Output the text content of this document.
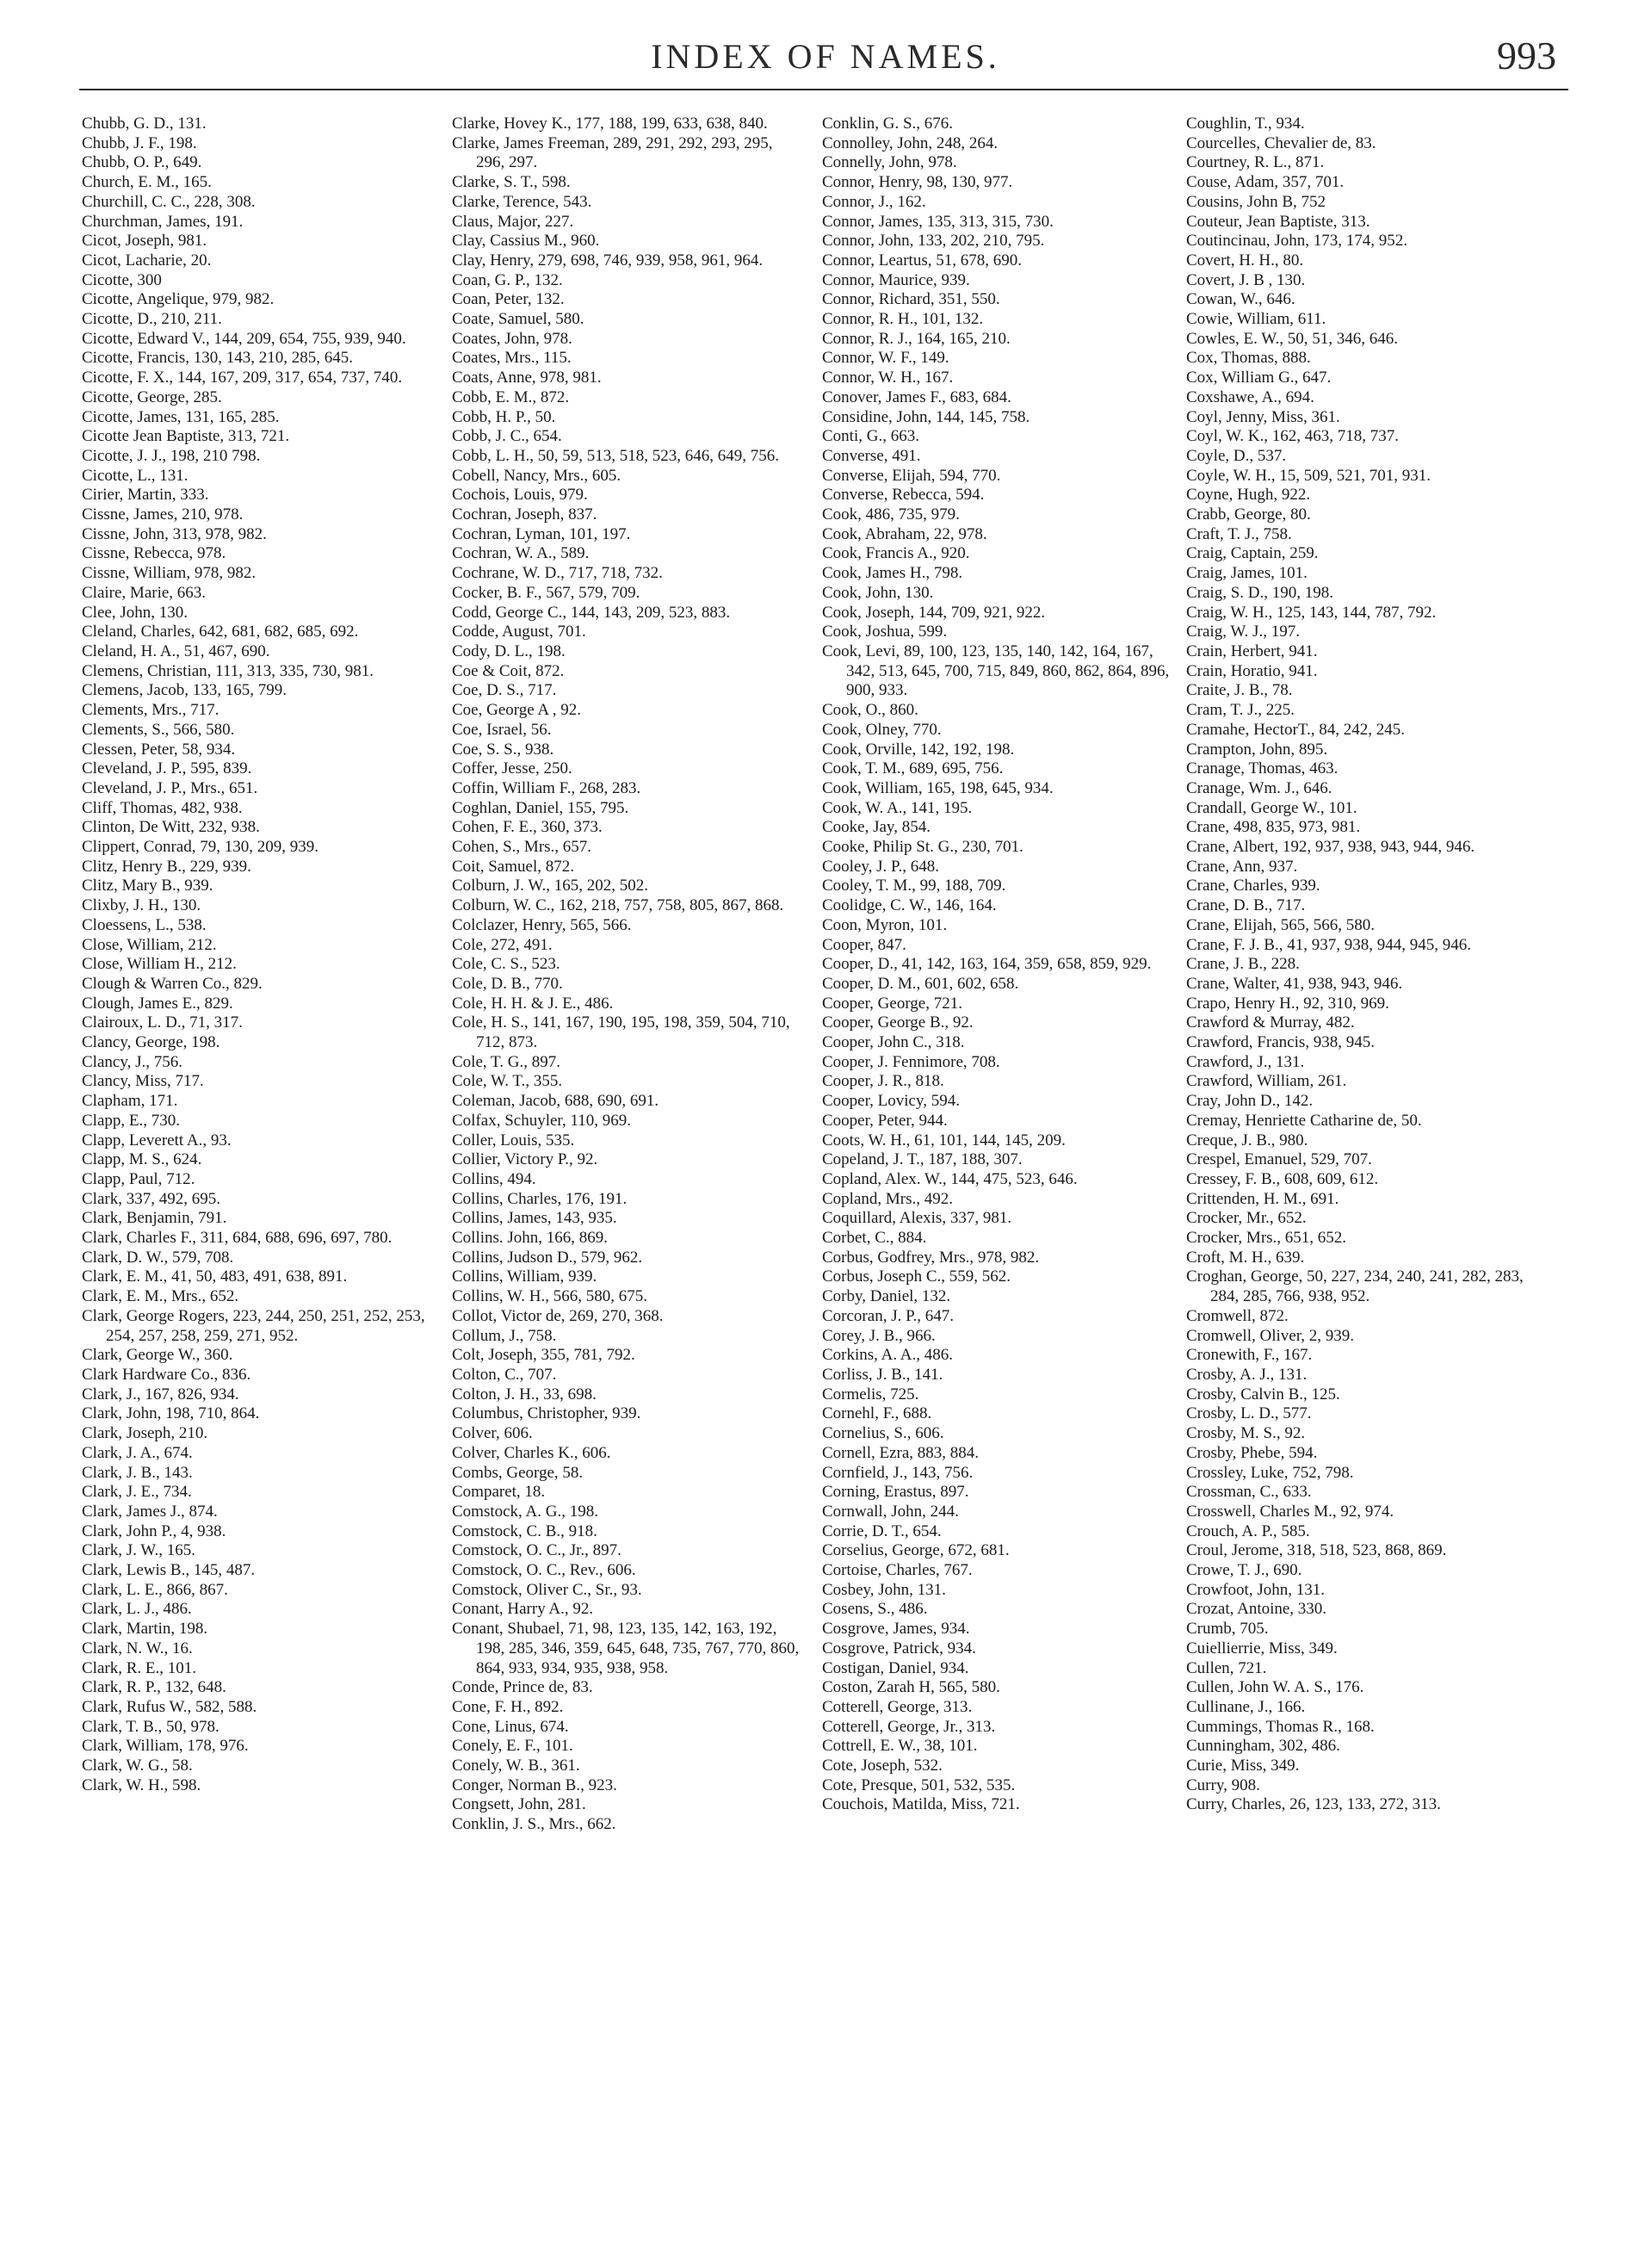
INDEX OF NAMES.	993
Chubb, G. D., 131.
Chubb, J. F., 198.
Chubb, O. P., 649.
Church, E. M., 165.
Churchill, C. C., 228, 308.
Churchman, James, 191.
Cicot, Joseph, 981.
Cicot, Lacharie, 20.
Cicotte, 300
Cicotte, Angelique, 979, 982.
Cicotte, D., 210, 211.
Cicotte, Edward V., 144, 209, 654, 755, 939, 940.
Cicotte, Francis, 130, 143, 210, 285, 645.
Cicotte, F. X., 144, 167, 209, 317, 654, 737, 740.
Cicotte, George, 285.
Cicotte, James, 131, 165, 285.
Cicotte Jean Baptiste, 313, 721.
Cicotte, J. J., 198, 210 798.
Cicotte, L., 131.
Cirier, Martin, 333.
Cissne, James, 210, 978.
Cissne, John, 313, 978, 982.
Cissne, Rebecca, 978.
Cissne, William, 978, 982.
Claire, Marie, 663.
Clee, John, 130.
Cleland, Charles, 642, 681, 682, 685, 692.
Cleland, H. A., 51, 467, 690.
Clemens, Christian, 111, 313, 335, 730, 981.
Clemens, Jacob, 133, 165, 799.
Clements, Mrs., 717.
Clements, S., 566, 580.
Clessen, Peter, 58, 934.
Cleveland, J. P., 595, 839.
Cleveland, J. P., Mrs., 651.
Cliff, Thomas, 482, 938.
Clinton, De Witt, 232, 938.
Clippert, Conrad, 79, 130, 209, 939.
Clitz, Henry B., 229, 939.
Clitz, Mary B., 939.
Clixby, J. H., 130.
Cloessens, L., 538.
Close, William, 212.
Close, William H., 212.
Clough & Warren Co., 829.
Clough, James E., 829.
Clairoux, L. D., 71, 317.
Clancy, George, 198.
Clancy, J., 756.
Clancy, Miss, 717.
Clapham, 171.
Clapp, E., 730.
Clapp, Leverett A., 93.
Clapp, M. S., 624.
Clapp, Paul, 712.
Clark, 337, 492, 695.
Clark, Benjamin, 791.
Clark, Charles F., 311, 684, 688, 696, 697, 780.
Clark, D. W., 579, 708.
Clark, E. M., 41, 50, 483, 491, 638, 891.
Clark, E. M., Mrs., 652.
Clark, George Rogers, 223, 244, 250, 251, 252, 253, 254, 257, 258, 259, 271, 952.
Clark, George W., 360.
Clark Hardware Co., 836.
Clark, J., 167, 826, 934.
Clark, John, 198, 710, 864.
Clark, Joseph, 210.
Clark, J. A., 674.
Clark, J. B., 143.
Clark, J. E., 734.
Clark, James J., 874.
Clark, John P., 4, 938.
Clark, J. W., 165.
Clark, Lewis B., 145, 487.
Clark, L. E., 866, 867.
Clark, L. J., 486.
Clark, Martin, 198.
Clark, N. W., 16.
Clark, R. E., 101.
Clark, R. P., 132, 648.
Clark, Rufus W., 582, 588.
Clark, T. B., 50, 978.
Clark, William, 178, 976.
Clark, W. G., 58.
Clark, W. H., 598.
Clarke, Hovey K., 177, 188, 199, 633, 638, 840.
Clarke, James Freeman, 289, 291, 292, 293, 295, 296, 297.
Clarke, S. T., 598.
Clarke, Terence, 543.
Claus, Major, 227.
Clay, Cassius M., 960.
Clay, Henry, 279, 698, 746, 939, 958, 961, 964.
Coan, G. P., 132.
Coan, Peter, 132.
Coate, Samuel, 580.
Coates, John, 978.
Coates, Mrs., 115.
Coats, Anne, 978, 981.
Cobb, E. M., 872.
Cobb, H. P., 50.
Cobb, J. C., 654.
Cobb, L. H., 50, 59, 513, 518, 523, 646, 649, 756.
Cobell, Nancy, Mrs., 605.
Cochois, Louis, 979.
Cochran, Joseph, 837.
Cochran, Lyman, 101, 197.
Cochran, W. A., 589.
Cochrane, W. D., 717, 718, 732.
Cocker, B. F., 567, 579, 709.
Codd, George C., 144, 143, 209, 523, 883.
Codde, August, 701.
Cody, D. L., 198.
Coe & Coit, 872.
Coe, D. S., 717.
Coe, George A , 92.
Coe, Israel, 56.
Coe, S. S., 938.
Coffer, Jesse, 250.
Coffin, William F., 268, 283.
Coghlan, Daniel, 155, 795.
Cohen, F. E., 360, 373.
Cohen, S., Mrs., 657.
Coit, Samuel, 872.
Colburn, J. W., 165, 202, 502.
Colburn, W. C., 162, 218, 757, 758, 805, 867, 868.
Colclazer, Henry, 565, 566.
Cole, 272, 491.
Cole, C. S., 523.
Cole, D. B., 770.
Cole, H. H. & J. E., 486.
Cole, H. S., 141, 167, 190, 195, 198, 359, 504, 710, 712, 873.
Cole, T. G., 897.
Cole, W. T., 355.
Coleman, Jacob, 688, 690, 691.
Colfax, Schuyler, 110, 969.
Coller, Louis, 535.
Collier, Victory P., 92.
Collins, 494.
Collins, Charles, 176, 191.
Collins, James, 143, 935.
Collins. John, 166, 869.
Collins, Judson D., 579, 962.
Collins, William, 939.
Collins, W. H., 566, 580, 675.
Collot, Victor de, 269, 270, 368.
Collum, J., 758.
Colt, Joseph, 355, 781, 792.
Colton, C., 707.
Colton, J. H., 33, 698.
Columbus, Christopher, 939.
Colver, 606.
Colver, Charles K., 606.
Combs, George, 58.
Comparet, 18.
Comstock, A. G., 198.
Comstock, C. B., 918.
Comstock, O. C., Jr., 897.
Comstock, O. C., Rev., 606.
Comstock, Oliver C., Sr., 93.
Conant, Harry A., 92.
Conant, Shubael, 71, 98, 123, 135, 142, 163, 192, 198, 285, 346, 359, 645, 648, 735, 767, 770, 860, 864, 933, 934, 935, 938, 958.
Conde, Prince de, 83.
Cone, F. H., 892.
Cone, Linus, 674.
Conely, E. F., 101.
Conely, W. B., 361.
Conger, Norman B., 923.
Congsett, John, 281.
Conklin, J. S., Mrs., 662.
Conklin, G. S., 676.
Connolley, John, 248, 264.
Connelly, John, 978.
Connor, Henry, 98, 130, 977.
Connor, J., 162.
Connor, James, 135, 313, 315, 730.
Connor, John, 133, 202, 210, 795.
Connor, Leartus, 51, 678, 690.
Connor, Maurice, 939.
Connor, Richard, 351, 550.
Connor, R. H., 101, 132.
Connor, R. J., 164, 165, 210.
Connor, W. F., 149.
Connor, W. H., 167.
Conover, James F., 683, 684.
Considine, John, 144, 145, 758.
Conti, G., 663.
Converse, 491.
Converse, Elijah, 594, 770.
Converse, Rebecca, 594.
Cook, 486, 735, 979.
Cook, Abraham, 22, 978.
Cook, Francis A., 920.
Cook, James H., 798.
Cook, John, 130.
Cook, Joseph, 144, 709, 921, 922.
Cook, Joshua, 599.
Cook, Levi, 89, 100, 123, 135, 140, 142, 164, 167, 342, 513, 645, 700, 715, 849, 860, 862, 864, 896, 900, 933.
Cook, O., 860.
Cook, Olney, 770.
Cook, Orville, 142, 192, 198.
Cook, T. M., 689, 695, 756.
Cook, William, 165, 198, 645, 934.
Cook, W. A., 141, 195.
Cooke, Jay, 854.
Cooke, Philip St. G., 230, 701.
Cooley, J. P., 648.
Cooley, T. M., 99, 188, 709.
Coolidge, C. W., 146, 164.
Coon, Myron, 101.
Cooper, 847.
Cooper, D., 41, 142, 163, 164, 359, 658, 859, 929.
Cooper, D. M., 601, 602, 658.
Cooper, George, 721.
Cooper, George B., 92.
Cooper, John C., 318.
Cooper, J. Fennimore, 708.
Cooper, J. R., 818.
Cooper, Lovicy, 594.
Cooper, Peter, 944.
Coots, W. H., 61, 101, 144, 145, 209.
Copeland, J. T., 187, 188, 307.
Copland, Alex. W., 144, 475, 523, 646.
Copland, Mrs., 492.
Coquillard, Alexis, 337, 981.
Corbet, C., 884.
Corbus, Godfrey, Mrs., 978, 982.
Corbus, Joseph C., 559, 562.
Corby, Daniel, 132.
Corcoran, J. P., 647.
Corey, J. B., 966.
Corkins, A. A., 486.
Corliss, J. B., 141.
Cormelis, 725.
Cornehl, F., 688.
Cornelius, S., 606.
Cornell, Ezra, 883, 884.
Cornfield, J., 143, 756.
Corning, Erastus, 897.
Cornwall, John, 244.
Corrie, D. T., 654.
Corselius, George, 672, 681.
Cortoise, Charles, 767.
Cosbey, John, 131.
Cosens, S., 486.
Cosgrove, James, 934.
Cosgrove, Patrick, 934.
Costigan, Daniel, 934.
Coston, Zarah H, 565, 580.
Cotterell, George, 313.
Cotterell, George, Jr., 313.
Cottrell, E. W., 38, 101.
Cote, Joseph, 532.
Cote, Presque, 501, 532, 535.
Couchois, Matilda, Miss, 721.
Coughlin, T., 934.
Courcelles, Chevalier de, 83.
Courtney, R. L., 871.
Couse, Adam, 357, 701.
Cousins, John B, 752
Couteur, Jean Baptiste, 313.
Coutincinau, John, 173, 174, 952.
Covert, H. H., 80.
Covert, J. B , 130.
Cowan, W., 646.
Cowie, William, 611.
Cowles, E. W., 50, 51, 346, 646.
Cox, Thomas, 888.
Cox, William G., 647.
Coxshawe, A., 694.
Coyl, Jenny, Miss, 361.
Coyl, W. K., 162, 463, 718, 737.
Coyle, D., 537.
Coyle, W. H., 15, 509, 521, 701, 931.
Coyne, Hugh, 922.
Crabb, George, 80.
Craft, T. J., 758.
Craig, Captain, 259.
Craig, James, 101.
Craig, S. D., 190, 198.
Craig, W. H., 125, 143, 144, 787, 792.
Craig, W. J., 197.
Crain, Herbert, 941.
Crain, Horatio, 941.
Craite, J. B., 78.
Cram, T. J., 225.
Cramahe, HectorT., 84, 242, 245.
Crampton, John, 895.
Cranage, Thomas, 463.
Cranage, Wm. J., 646.
Crandall, George W., 101.
Crane, 498, 835, 973, 981.
Crane, Albert, 192, 937, 938, 943, 944, 946.
Crane, Ann, 937.
Crane, Charles, 939.
Crane, D. B., 717.
Crane, Elijah, 565, 566, 580.
Crane, F. J. B., 41, 937, 938, 944, 945, 946.
Crane, J. B., 228.
Crane, Walter, 41, 938, 943, 946.
Crapo, Henry H., 92, 310, 969.
Crawford & Murray, 482.
Crawford, Francis, 938, 945.
Crawford, J., 131.
Crawford, William, 261.
Cray, John D., 142.
Cremay, Henriette Catharine de, 50.
Creque, J. B., 980.
Crespel, Emanuel, 529, 707.
Cressey, F. B., 608, 609, 612.
Crittenden, H. M., 691.
Crocker, Mr., 652.
Crocker, Mrs., 651, 652.
Croft, M. H., 639.
Croghan, George, 50, 227, 234, 240, 241, 282, 283, 284, 285, 766, 938, 952.
Cromwell, 872.
Cromwell, Oliver, 2, 939.
Cronewith, F., 167.
Crosby, A. J., 131.
Crosby, Calvin B., 125.
Crosby, L. D., 577.
Crosby, M. S., 92.
Crosby, Phebe, 594.
Crossley, Luke, 752, 798.
Crossman, C., 633.
Crosswell, Charles M., 92, 974.
Crouch, A. P., 585.
Croul, Jerome, 318, 518, 523, 868, 869.
Crowe, T. J., 690.
Crowfoot, John, 131.
Crozat, Antoine, 330.
Crumb, 705.
Cuiellierrie, Miss, 349.
Cullen, 721.
Cullen, John W. A. S., 176.
Cullinane, J., 166.
Cummings, Thomas R., 168.
Cunningham, 302, 486.
Curie, Miss, 349.
Curry, 908.
Curry, Charles, 26, 123, 133, 272, 313.
